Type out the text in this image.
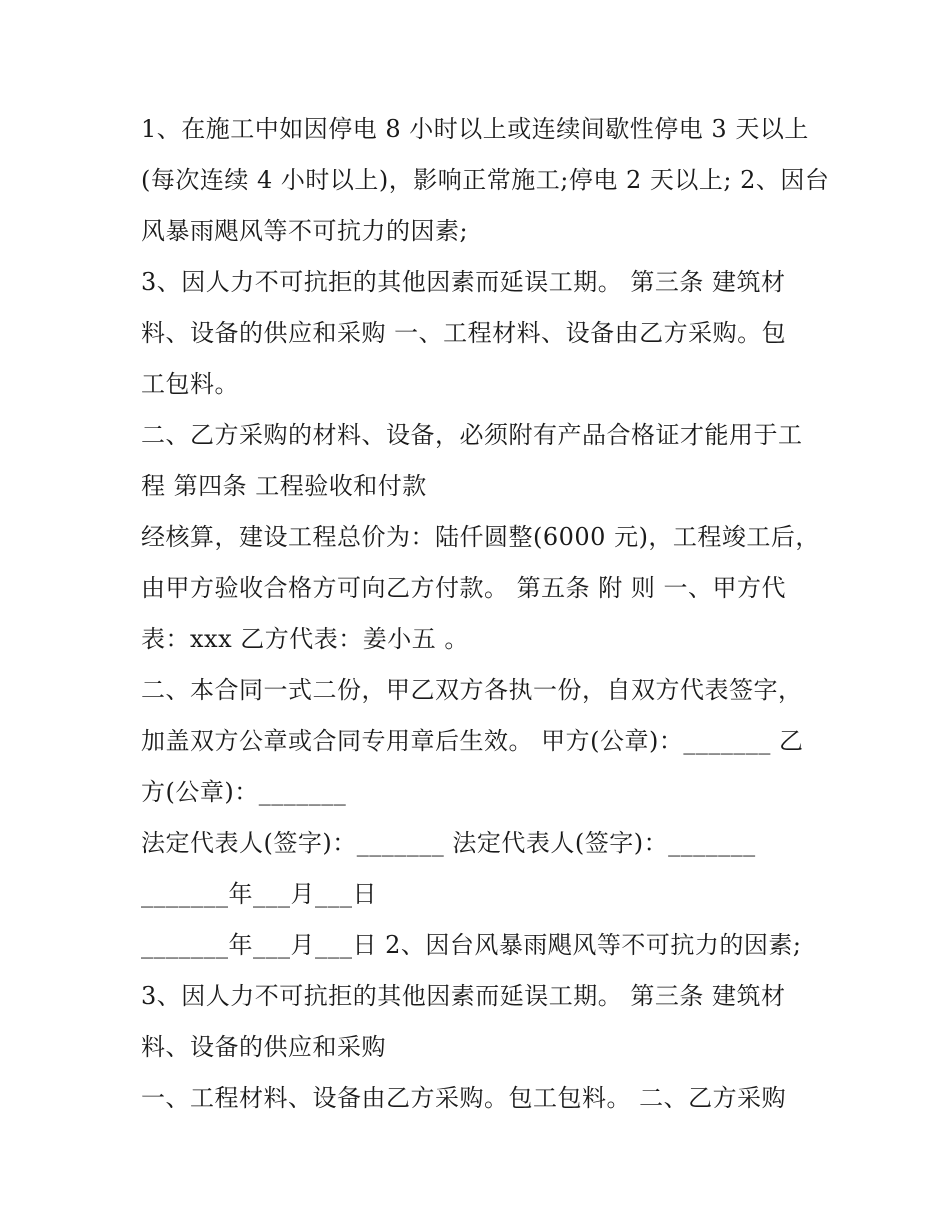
1、在施工中如因停电 8 小时以上或连续间歇性停电 3 天以上
(每次连续 4 小时以上)，影响正常施工;停电 2 天以上; 2、因台
风暴雨飓风等不可抗力的因素;
3、因人力不可抗拒的其他因素而延误工期。 第三条 建筑材
料、设备的供应和采购 一、工程材料、设备由乙方采购。包
工包料。
二、乙方采购的材料、设备，必须附有产品合格证才能用于工
程 第四条 工程验收和付款
经核算，建设工程总价为：陆仟圆整(6000 元)，工程竣工后，
由甲方验收合格方可向乙方付款。 第五条 附 则 一、甲方代
表：xxx 乙方代表：姜小五 。
二、本合同一式二份，甲乙双方各执一份，自双方代表签字，
加盖双方公章或合同专用章后生效。 甲方(公章)：_______ 乙
方(公章)：_______
法定代表人(签字)：_______ 法定代表人(签字)：_______
_______年___月___日
_______年___月___日 2、因台风暴雨飓风等不可抗力的因素;
3、因人力不可抗拒的其他因素而延误工期。 第三条 建筑材
料、设备的供应和采购
一、工程材料、设备由乙方采购。包工包料。 二、乙方采购
